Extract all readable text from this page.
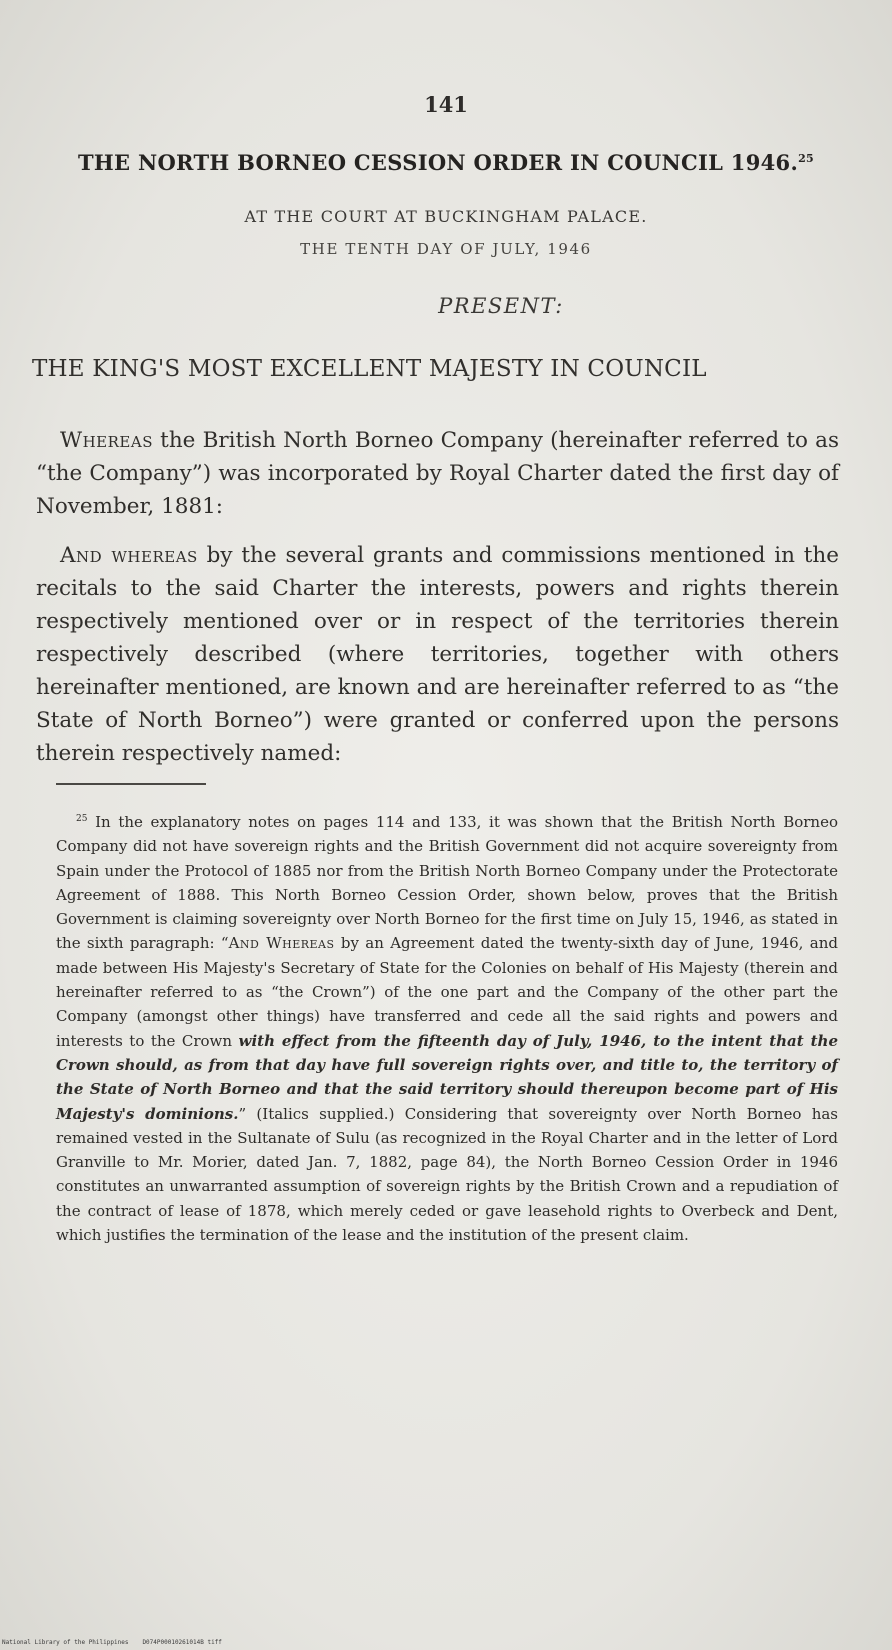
141
THE NORTH BORNEO CESSION ORDER IN COUNCIL 1946.25
AT THE COURT AT BUCKINGHAM PALACE.
THE TENTH DAY OF JULY, 1946
PRESENT:
THE KING'S MOST EXCELLENT MAJESTY IN COUNCIL

Whereas the British North Borneo Company (hereinafter referred to as “the Company”) was incorporated by Royal Charter dated the first day of November, 1881:

And whereas by the several grants and commissions mentioned in the recitals to the said Charter the interests, powers and rights therein respectively mentioned over or in respect of the territories therein respectively described (where territories, together with others hereinafter mentioned, are known and are hereinafter referred to as “the State of North Borneo”) were granted or conferred upon the persons therein respectively named:

$^{25}$ In the explanatory notes on pages 114 and 133, it was shown that the British North Borneo Company did not have sovereign rights and the British Government did not acquire sovereignty from Spain under the Protocol of 1885 nor from the British North Borneo Company under the Protectorate Agreement of 1888. This North Borneo Cession Order, shown below, proves that the British Government is claiming sovereignty over North Borneo for the first time on July 15, 1946, as stated in the sixth paragraph: “And Whereas by an Agreement dated the twenty-sixth day of June, 1946, and made between His Majesty's Secretary of State for the Colonies on behalf of His Majesty (therein and hereinafter referred to as “the Crown”) of the one part and the Company of the other part the Company (amongst other things) have transferred and cede all the said rights and powers and interests to the Crown with effect from the fifteenth day of July, 1946, to the intent that the Crown should, as from that day have full sovereign rights over, and title to, the territory of the State of North Borneo and that the said territory should thereupon become part of His Majesty's dominions.” (Italics supplied.) Considering that sovereignty over North Borneo has remained vested in the Sultanate of Sulu (as recognized in the Royal Charter and in the letter of Lord Granville to Mr. Morier, dated Jan. 7, 1882, page 84), the North Borneo Cession Order in 1946 constitutes an unwarranted assumption of sovereign rights by the British Crown and a repudiation of the contract of lease of 1878, which merely ceded or gave leasehold rights to Overbeck and Dent, which justifies the termination of the lease and the institution of the present claim.

National Library of the Philippines D074P00010261014B tiff
